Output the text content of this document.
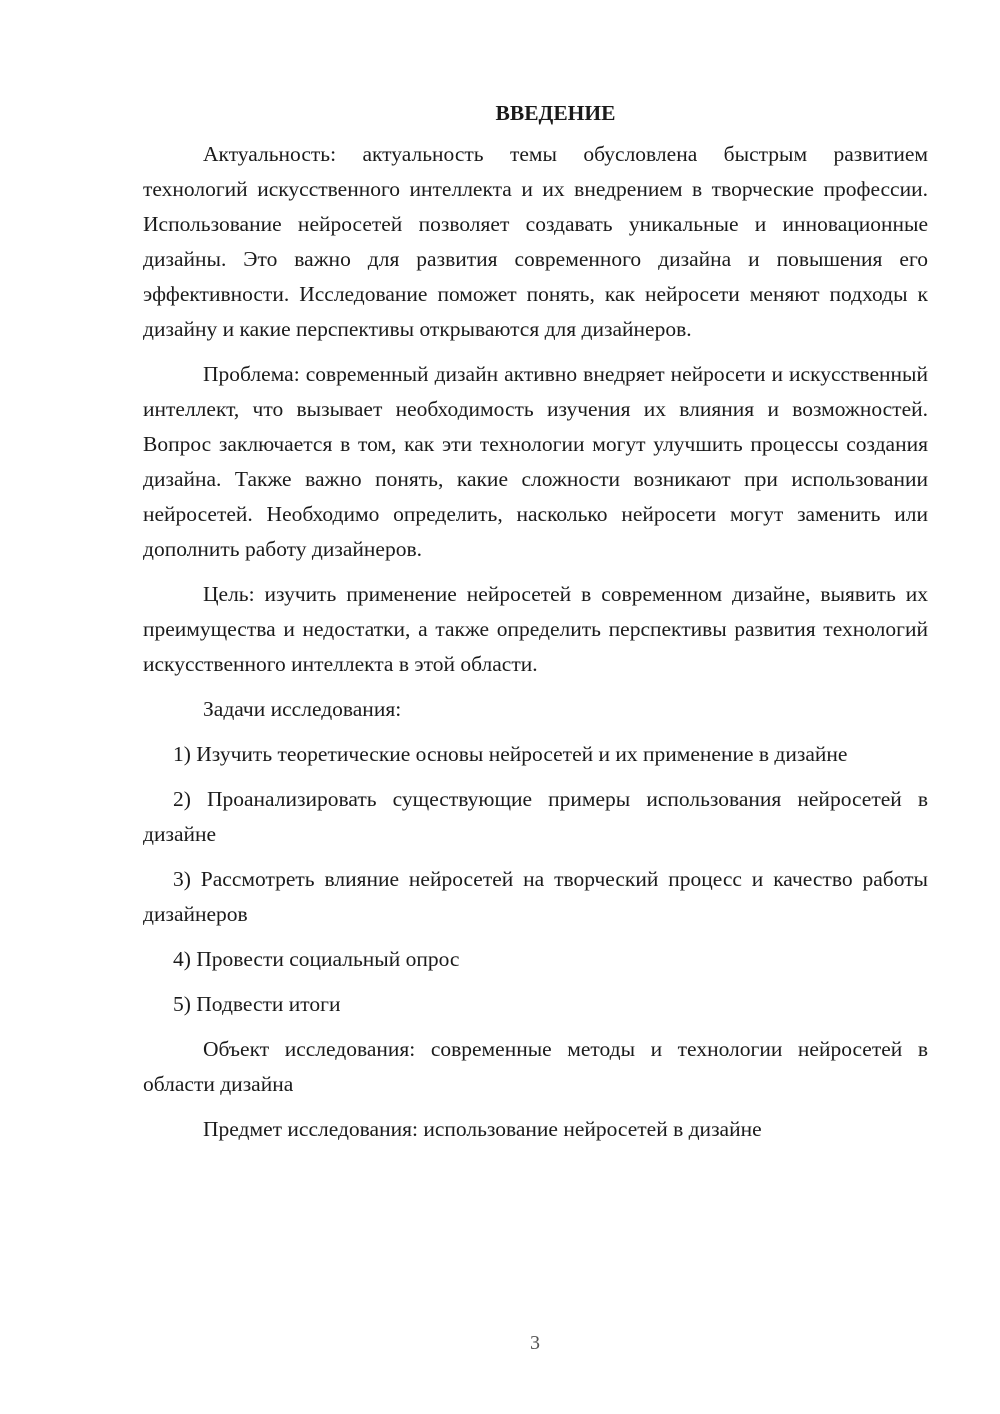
ВВЕДЕНИЕ

Актуальность: актуальность темы обусловлена быстрым развитием технологий искусственного интеллекта и их внедрением в творческие профессии. Использование нейросетей позволяет создавать уникальные и инновационные дизайны. Это важно для развития современного дизайна и повышения его эффективности. Исследование поможет понять, как нейросети меняют подходы к дизайну и какие перспективы открываются для дизайнеров.

Проблема: современный дизайн активно внедряет нейросети и искусственный интеллект, что вызывает необходимость изучения их влияния и возможностей. Вопрос заключается в том, как эти технологии могут улучшить процессы создания дизайна. Также важно понять, какие сложности возникают при использовании нейросетей. Необходимо определить, насколько нейросети могут заменить или дополнить работу дизайнеров.

Цель: изучить применение нейросетей в современном дизайне, выявить их преимущества и недостатки, а также определить перспективы развития технологий искусственного интеллекта в этой области.

Задачи исследования:

1) Изучить теоретические основы нейросетей и их применение в дизайне

2) Проанализировать существующие примеры использования нейросетей в дизайне

3) Рассмотреть влияние нейросетей на творческий процесс и качество работы дизайнеров

4) Провести социальный опрос

5) Подвести итоги

Объект исследования: современные методы и технологии нейросетей в области дизайна

Предмет исследования: использование нейросетей в дизайне

3
